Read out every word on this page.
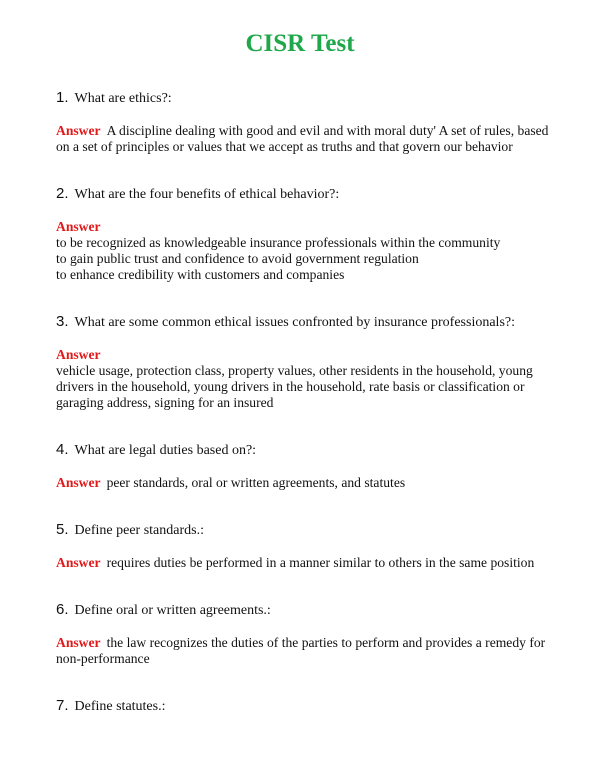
CISR Test
1. What are ethics?:
Answer A discipline dealing with good and evil and with moral duty' A set of rules, based
on a set of principles or values that we accept as truths and that govern our behavior
2. What are the four benefits of ethical behavior?:
Answer
to be recognized as knowledgeable insurance professionals within the community
to gain public trust and confidence to avoid government regulation
to enhance credibility with customers and companies
3. What are some common ethical issues confronted by insurance professionals?:
Answer
vehicle usage, protection class, property values, other residents in the household, young
drivers in the household, young drivers in the household, rate basis or classification or
garaging address, signing for an insured
4. What are legal duties based on?:
Answer peer standards, oral or written agreements, and statutes
5. Define peer standards.:
Answer requires duties be performed in a manner similar to others in the same position
6. Define oral or written agreements.:
Answer the law recognizes the duties of the parties to perform and provides a remedy for
non-performance
7. Define statutes.:
